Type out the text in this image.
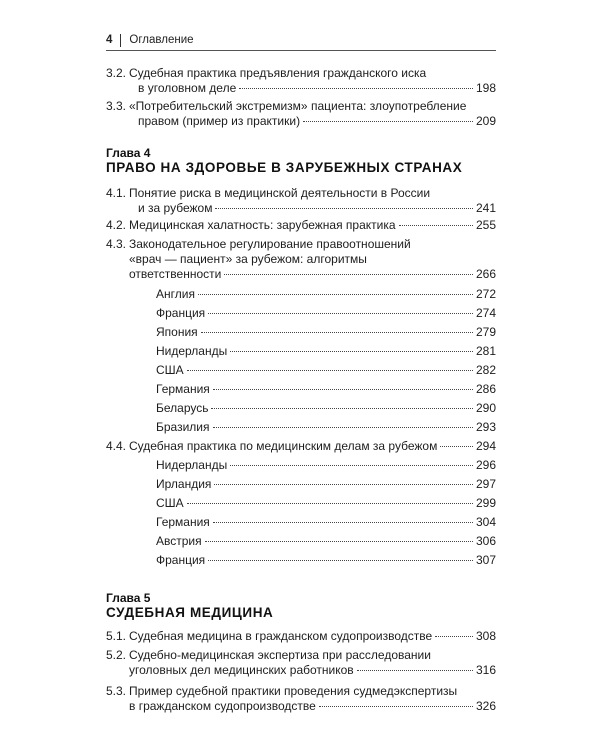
4 Оглавление
3.2. Судебная практика предъявления гражданского иска
в уголовном деле	198
3.3. «Потребительский экстремизм» пациента: злоупотребление
правом (пример из практики)	209
Глава 4
ПРАВО НА ЗДОРОВЬЕ В ЗАРУБЕЖНЫХ СТРАНАХ
4.1. Понятие риска в медицинской деятельности в России
и за рубежом	241
4.2. Медицинская халатность: зарубежная практика	255
4.3. Законодательное регулирование правоотношений
«врач — пациент» за рубежом: алгоритмы
ответственности	266
Англия	272
Франция	274
Япония	279
Нидерланды	281
США	282
Германия	286
Беларусь	290
Бразилия	293
4.4. Судебная практика по медицинским делам за рубежом	294
Нидерланды	296
Ирландия	297
США	299
Германия	304
Австрия	306
Франция	307
Глава 5
СУДЕБНАЯ МЕДИЦИНА
5.1. Судебная медицина в гражданском судопроизводстве	308
5.2. Судебно-медицинская экспертиза при расследовании
уголовных дел медицинских работников	316
5.3. Пример судебной практики проведения судмедэкспертизы
в гражданском судопроизводстве	326
